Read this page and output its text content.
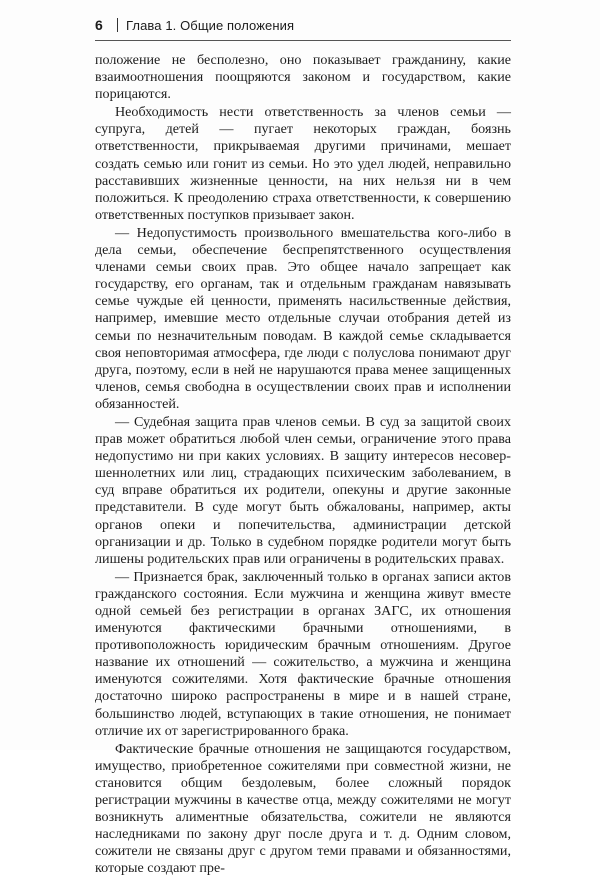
6	Глава 1. Общие положения

положение не бесполезно, оно показывает гражданину, какие взаимоотношения поощряются законом и государством, какие порицаются.

Необходимость нести ответственность за членов семьи — супруга, детей — пугает некоторых граждан, боязнь ответственности, прикрываемая другими причинами, мешает создать семью или гонит из семьи. Но это удел людей, неправильно расставивших жизненные ценности, на них нельзя ни в чем положиться. К преодолению страха ответственности, к совершению ответственных поступков призывает закон.

— Недопустимость произвольного вмешательства кого-либо в дела семьи, обеспечение беспрепятственного осуществления членами семьи своих прав. Это общее начало запрещает как государству, его органам, так и отдельным гражданам навязывать семье чуждые ей ценности, применять насильственные действия, например, имевшие место отдельные случаи отобрания детей из семьи по незначительным поводам. В каждой семье складывается своя неповторимая атмосфера, где люди с полуслова понимают друг друга, поэтому, если в ней не нарушаются права менее защищенных членов, семья свободна в осуществлении своих прав и исполнении обязанностей.

— Судебная защита прав членов семьи. В суд за защитой своих прав может обратиться любой член семьи, ограничение этого права недопустимо ни при каких условиях. В защиту интересов несовершеннолетних или лиц, страдающих психическим заболеванием, в суд вправе обратиться их родители, опекуны и другие законные представители. В суде могут быть обжалованы, например, акты органов опеки и попечительства, администрации детской организации и др. Только в судебном порядке родители могут быть лишены родительских прав или ограничены в родительских правах.

— Признается брак, заключенный только в органах записи актов гражданского состояния. Если мужчина и женщина живут вместе одной семьей без регистрации в органах ЗАГС, их отношения именуются фактическими брачными отношениями, в противоположность юридическим брачным отношениям. Другое название их отношений — сожительство, а мужчина и женщина именуются сожителями. Хотя фактические брачные отношения достаточно широко распространены в мире и в нашей стране, большинство людей, вступающих в такие отношения, не понимает отличие их от зарегистрированного брака.

Фактические брачные отношения не защищаются государством, имущество, приобретенное сожителями при совместной жизни, не становится общим бездолевым, более сложный порядок регистрации мужчины в качестве отца, между сожителями не могут возникнуть алиментные обязательства, сожители не являются наследниками по закону друг после друга и т. д. Одним словом, сожители не связаны друг с другом теми правами и обязанностями, которые создают пре-
